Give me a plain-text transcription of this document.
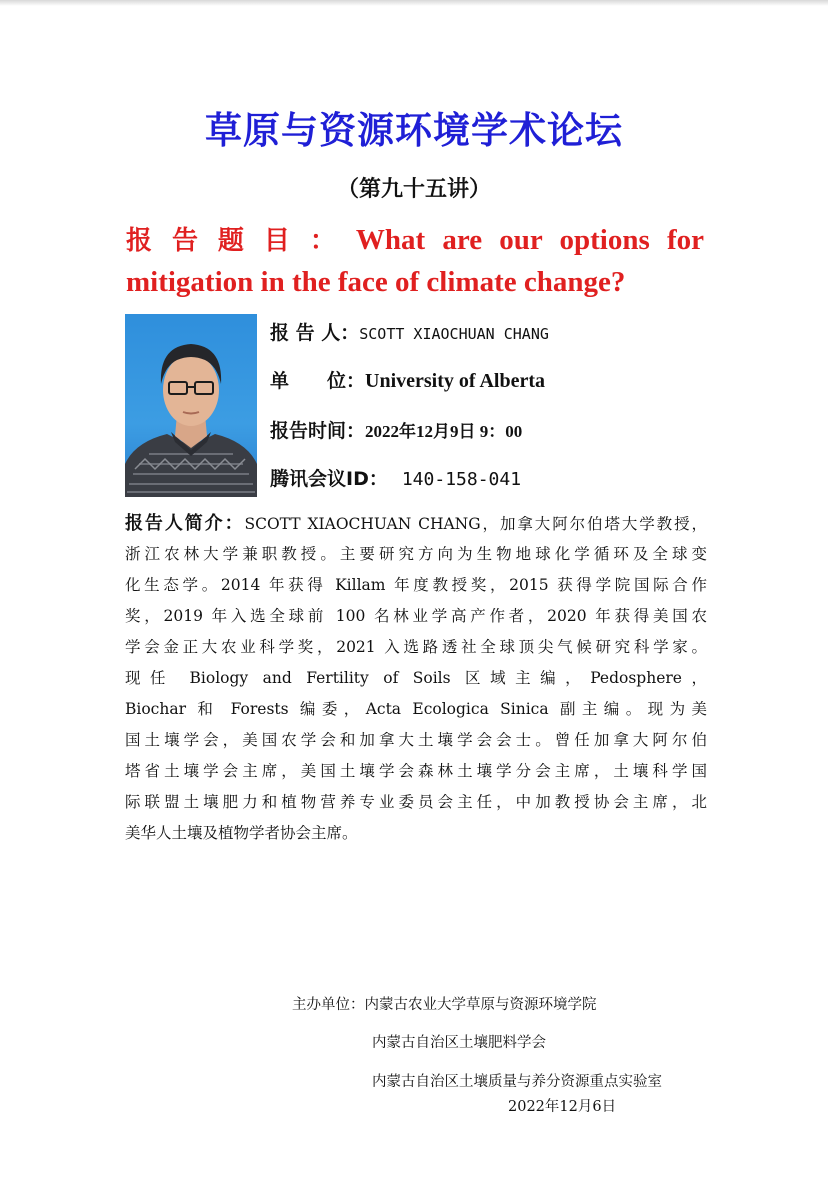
草原与资源环境学术论坛
（第九十五讲）
报告题目：What are our options for
mitigation in the face of climate change?
报 告 人：SCOTT XIAOCHUAN CHANG
单　　位：University of Alberta
报告时间：2022年12月9日 9：00
腾讯会议ID： 140-158-041
报告人简介：SCOTT XIAOCHUAN CHANG，加拿大阿尔伯塔大学教授，
浙江农林大学兼职教授。主要研究方向为生物地球化学循环及全球变
化生态学。2014 年获得 Killam 年度教授奖，2015 获得学院国际合作
奖，2019 年入选全球前 100 名林业学高产作者，2020 年获得美国农
学会金正大农业科学奖，2021 入选路透社全球顶尖气候研究科学家。
现任 Biology and Fertility of Soils 区域主编，Pedosphere，
Biochar 和 Forests 编委，Acta Ecologica Sinica 副主编。现为美
国土壤学会，美国农学会和加拿大土壤学会会士。曾任加拿大阿尔伯
塔省土壤学会主席，美国土壤学会森林土壤学分会主席，土壤科学国
际联盟土壤肥力和植物营养专业委员会主任，中加教授协会主席，北
美华人土壤及植物学者协会主席。
主办单位：内蒙古农业大学草原与资源环境学院
内蒙古自治区土壤肥料学会
内蒙古自治区土壤质量与养分资源重点实验室
2022年12月6日
